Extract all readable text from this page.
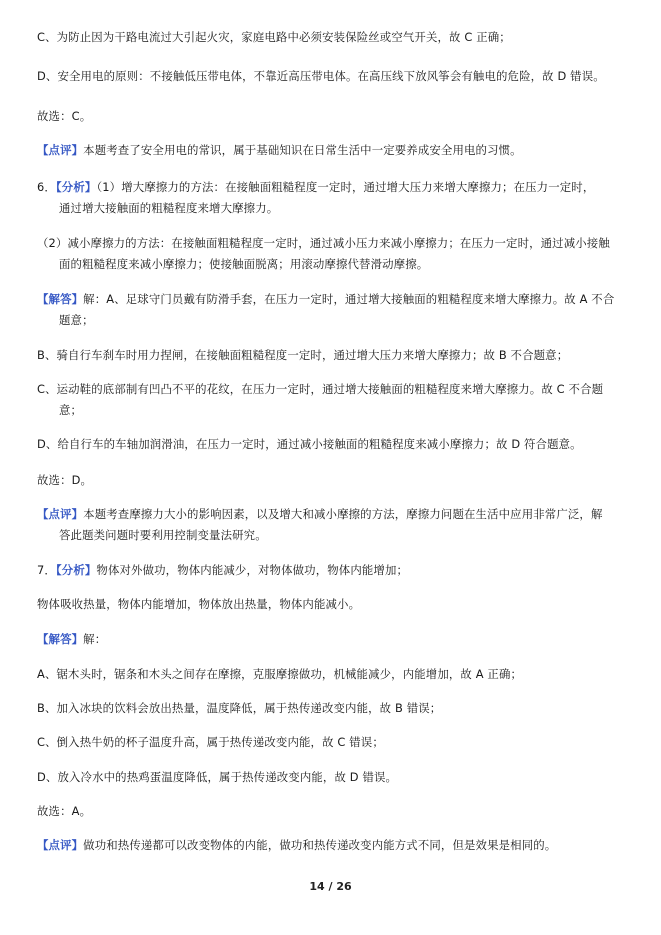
C、为防止因为干路电流过大引起火灾，家庭电路中必须安装保险丝或空气开关，故 C 正确；
D、安全用电的原则：不接触低压带电体，不靠近高压带电体。在高压线下放风筝会有触电的危险，故 D 错误。
故选：C。
【点评】本题考查了安全用电的常识，属于基础知识在日常生活中一定要养成安全用电的习惯。
6．【分析】（1）增大摩擦力的方法：在接触面粗糙程度一定时，通过增大压力来增大摩擦力；在压力一定时，
通过增大接触面的粗糙程度来增大摩擦力。
（2）减小摩擦力的方法：在接触面粗糙程度一定时，通过减小压力来减小摩擦力；在压力一定时，通过减小接触
面的粗糙程度来减小摩擦力；使接触面脱离；用滚动摩擦代替滑动摩擦。
【解答】解：A、足球守门员戴有防滑手套，在压力一定时，通过增大接触面的粗糙程度来增大摩擦力。故 A 不合
题意；
B、骑自行车刹车时用力捏闸，在接触面粗糙程度一定时，通过增大压力来增大摩擦力；故 B 不合题意；
C、运动鞋的底部制有凹凸不平的花纹，在压力一定时，通过增大接触面的粗糙程度来增大摩擦力。故 C 不合题
意；
D、给自行车的车轴加润滑油，在压力一定时，通过减小接触面的粗糙程度来减小摩擦力；故 D 符合题意。
故选：D。
【点评】本题考查摩擦力大小的影响因素，以及增大和减小摩擦的方法，摩擦力问题在生活中应用非常广泛，解
答此题类问题时要利用控制变量法研究。
7．【分析】物体对外做功，物体内能减少，对物体做功，物体内能增加；
物体吸收热量，物体内能增加，物体放出热量，物体内能减小。
【解答】解：
A、锯木头时，锯条和木头之间存在摩擦，克服摩擦做功，机械能减少，内能增加，故 A 正确；
B、加入冰块的饮料会放出热量，温度降低，属于热传递改变内能，故 B 错误；
C、倒入热牛奶的杯子温度升高，属于热传递改变内能，故 C 错误；
D、放入冷水中的热鸡蛋温度降低，属于热传递改变内能，故 D 错误。
故选：A。
【点评】做功和热传递都可以改变物体的内能，做功和热传递改变内能方式不同，但是效果是相同的。
14 / 26
